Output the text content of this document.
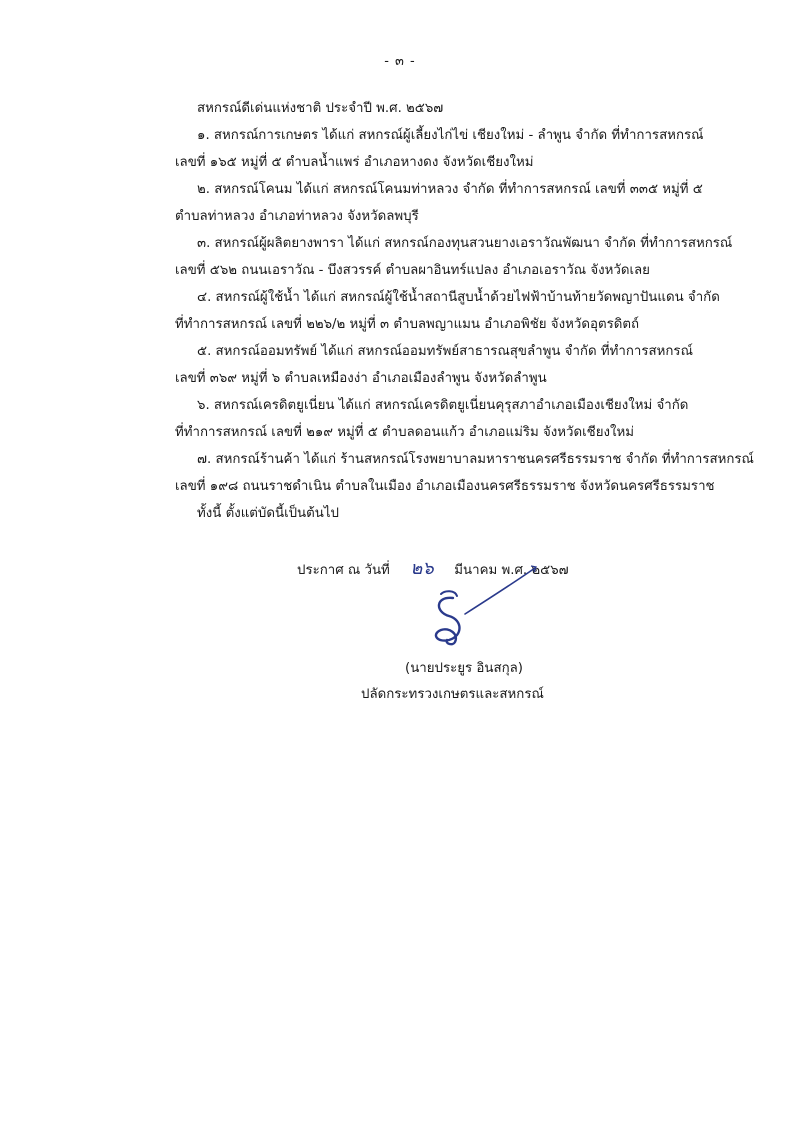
- ๓ -
สหกรณ์ดีเด่นแห่งชาติ ประจำปี พ.ศ. ๒๕๖๗
๑. สหกรณ์การเกษตร ได้แก่ สหกรณ์ผู้เลี้ยงไก่ไข่ เชียงใหม่ - ลำพูน จำกัด ที่ทำการสหกรณ์
เลขที่ ๑๖๕ หมู่ที่ ๕ ตำบลน้ำแพร่ อำเภอหางดง จังหวัดเชียงใหม่
๒. สหกรณ์โคนม ได้แก่ สหกรณ์โคนมท่าหลวง จำกัด ที่ทำการสหกรณ์ เลขที่ ๓๓๕ หมู่ที่ ๕
ตำบลท่าหลวง อำเภอท่าหลวง จังหวัดลพบุรี
๓. สหกรณ์ผู้ผลิตยางพารา ได้แก่ สหกรณ์กองทุนสวนยางเอราวัณพัฒนา จำกัด ที่ทำการสหกรณ์
เลขที่ ๕๖๒ ถนนเอราวัณ - บึงสวรรค์ ตำบลผาอินทร์แปลง อำเภอเอราวัณ จังหวัดเลย
๔. สหกรณ์ผู้ใช้น้ำ ได้แก่ สหกรณ์ผู้ใช้น้ำสถานีสูบน้ำด้วยไฟฟ้าบ้านท้ายวัดพญาปันแดน จำกัด
ที่ทำการสหกรณ์ เลขที่ ๒๒๖/๒ หมู่ที่ ๓ ตำบลพญาแมน อำเภอพิชัย จังหวัดอุตรดิตถ์
๕. สหกรณ์ออมทรัพย์ ได้แก่ สหกรณ์ออมทรัพย์สาธารณสุขลำพูน จำกัด ที่ทำการสหกรณ์
เลขที่ ๓๖๙ หมู่ที่ ๖ ตำบลเหมืองง่า อำเภอเมืองลำพูน จังหวัดลำพูน
๖. สหกรณ์เครดิตยูเนี่ยน ได้แก่ สหกรณ์เครดิตยูเนี่ยนคุรุสภาอำเภอเมืองเชียงใหม่ จำกัด
ที่ทำการสหกรณ์ เลขที่ ๒๑๙ หมู่ที่ ๕ ตำบลดอนแก้ว อำเภอแม่ริม จังหวัดเชียงใหม่
๗. สหกรณ์ร้านค้า ได้แก่ ร้านสหกรณ์โรงพยาบาลมหาราชนครศรีธรรมราช จำกัด ที่ทำการสหกรณ์
เลขที่ ๑๙๘ ถนนราชดำเนิน ตำบลในเมือง อำเภอเมืองนครศรีธรรมราช จังหวัดนครศรีธรรมราช
ทั้งนี้ ตั้งแต่บัดนี้เป็นต้นไป
ประกาศ ณ วันที่ ๒๖ มีนาคม พ.ศ. ๒๕๖๗
(นายประยูร อินสกุล)
ปลัดกระทรวงเกษตรและสหกรณ์
